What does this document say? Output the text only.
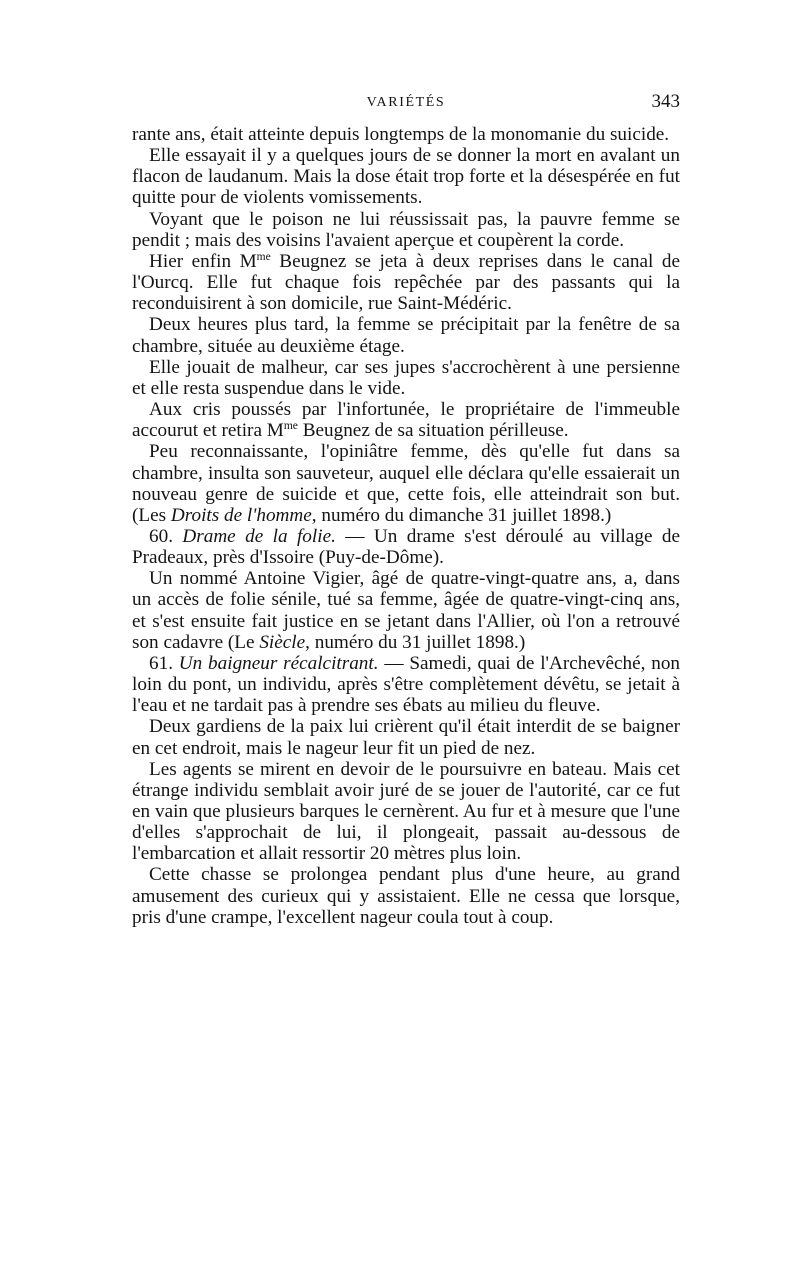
VARIÉTÉS	343

rante ans, était atteinte depuis longtemps de la monomanie du suicide.

Elle essayait il y a quelques jours de se donner la mort en avalant un flacon de laudanum. Mais la dose était trop forte et la désespérée en fut quitte pour de violents vomissements.

Voyant que le poison ne lui réussissait pas, la pauvre femme se pendit ; mais des voisins l'avaient aperçue et coupèrent la corde.

Hier enfin $M^{me}$ Beugnez se jeta à deux reprises dans le canal de l'Ourcq. Elle fut chaque fois repêchée par des passants qui la reconduisirent à son domicile, rue Saint-Médéric.

Deux heures plus tard, la femme se précipitait par la fenêtre de sa chambre, située au deuxième étage.

Elle jouait de malheur, car ses jupes s'accrochèrent à une persienne et elle resta suspendue dans le vide.

Aux cris poussés par l'infortunée, le propriétaire de l'immeuble accourut et retira $M^{me}$ Beugnez de sa situation périlleuse.

Peu reconnaissante, l'opiniâtre femme, dès qu'elle fut dans sa chambre, insulta son sauveteur, auquel elle déclara qu'elle essaierait un nouveau genre de suicide et que, cette fois, elle atteindrait son but. (Les Droits de l'homme, numéro du dimanche 31 juillet 1898.)

60. Drame de la folie. — Un drame s'est déroulé au village de Pradeaux, près d'Issoire (Puy-de-Dôme).

Un nommé Antoine Vigier, âgé de quatre-vingt-quatre ans, a, dans un accès de folie sénile, tué sa femme, âgée de quatre-vingt-cinq ans, et s'est ensuite fait justice en se jetant dans l'Allier, où l'on a retrouvé son cadavre (Le Siècle, numéro du 31 juillet 1898.)

61. Un baigneur récalcitrant. — Samedi, quai de l'Archevêché, non loin du pont, un individu, après s'être complètement dévêtu, se jetait à l'eau et ne tardait pas à prendre ses ébats au milieu du fleuve.

Deux gardiens de la paix lui crièrent qu'il était interdit de se baigner en cet endroit, mais le nageur leur fit un pied de nez.

Les agents se mirent en devoir de le poursuivre en bateau. Mais cet étrange individu semblait avoir juré de se jouer de l'autorité, car ce fut en vain que plusieurs barques le cernèrent. Au fur et à mesure que l'une d'elles s'approchait de lui, il plongeait, passait au-dessous de l'embarcation et allait ressortir 20 mètres plus loin.

Cette chasse se prolongea pendant plus d'une heure, au grand amusement des curieux qui y assistaient. Elle ne cessa que lorsque, pris d'une crampe, l'excellent nageur coula tout à coup.
